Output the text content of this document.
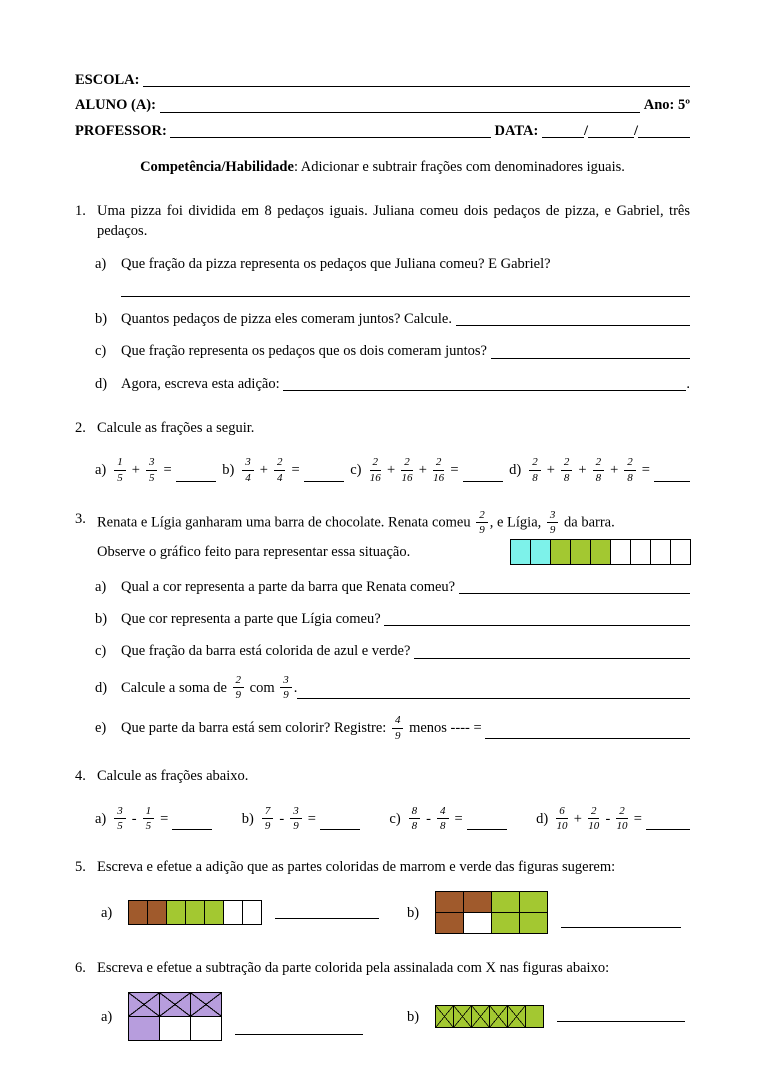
ESCOLA:
ALUNO (A):	Ano: 5º
PROFESSOR:	DATA:	/	/
Competência/Habilidade: Adicionar e subtrair frações com denominadores iguais.
1. Uma pizza foi dividida em 8 pedaços iguais. Juliana comeu dois pedaços de pizza, e Gabriel, três pedaços.
a)	Que fração da pizza representa os pedaços que Juliana comeu? E Gabriel?
b) Quantos pedaços de pizza eles comeram juntos? Calcule.
c)	Que fração representa os pedaços que os dois comeram juntos?
d) Agora, escreva esta adição:	.
2. Calcule as frações a seguir.
$a) \frac{1}{5} + \frac{3}{5}$ =	$b) \frac{3}{4} + \frac{2}{4}$ =	$c) \frac{2}{16} + \frac{2}{16} + \frac{2}{16}$ =	$d) \frac{2}{8} + \frac{2}{8} + \frac{2}{8} + \frac{2}{8}$ =
3. Renata e Lígia ganharam uma barra de chocolate. Renata comeu $\frac{2}{9}$ , e Lígia, $\frac{3}{9}$ da barra.
Observe o gráfico feito para representar essa situação.
a)	Qual a cor representa a parte da barra que Renata comeu?
b) Que cor representa a parte que Lígia comeu?
c)	Que fração da barra está colorida de azul e verde?
d) Calcule a soma de $\frac{2}{9}$ com $\frac{3}{9}$ .
e)	Que parte da barra está sem colorir? Registre: $\frac{4}{9}$ menos ---- =
4. Calcule as frações abaixo.
$a) \frac{3}{5} - \frac{1}{5}$ =	$b) \frac{7}{9} - \frac{3}{9}$ =	$c) \frac{8}{8} - \frac{4}{8}$ =	$d) \frac{6}{10} + \frac{2}{10} - \frac{2}{10}$ =
5. Escreva e efetue a adição que as partes coloridas de marrom e verde das figuras sugerem:
a)	b)
6. Escreva e efetue a subtração da parte colorida pela assinalada com X nas figuras abaixo:
a)	b)
